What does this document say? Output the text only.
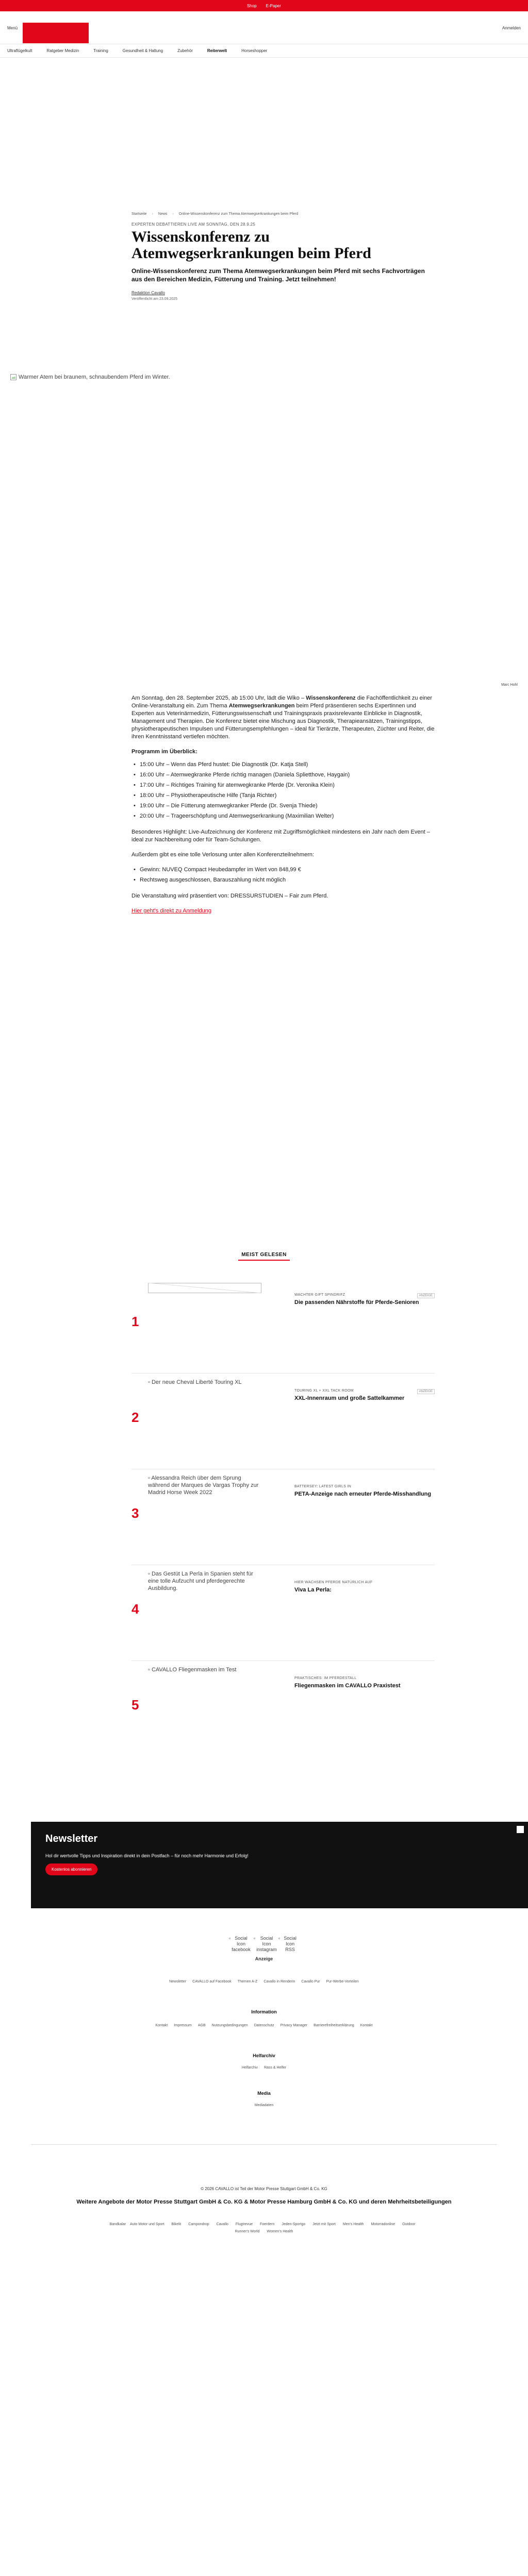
Shop E-Paper
Menü	Anmelden
Ultraflügelkult	Ratgeber Medizin	Training	Gesundheit & Haltung	Zubehör	Reiterwelt	Horseshopper
Startseite › News › Online-Wissenskonferenz zum Thema Atemwegserkrankungen beim Pferd
EXPERTEN DEBATTIEREN LIVE AM SONNTAG, DEN 28.9.25
Wissenskonferenz zu Atemwegserkrankungen beim Pferd
Online-Wissenskonferenz zum Thema Atemwegserkrankungen beim Pferd mit sechs Fachvorträgen aus den Bereichen Medizin, Fütterung und Training. Jetzt teilnehmen!
Redaktion Cavallo
Veröffentlicht am 23.09.2025
Warmer Atem bei braunem, schnaubendem Pferd im Winter.
Marc Hohl

Am Sonntag, den 28. September 2025, ab 15:00 Uhr, lädt die Wiko – Wissenskonferenz die Fachöffentlichkeit zu einer Online-Veranstaltung ein. Zum Thema Atemwegserkrankungen beim Pferd präsentieren sechs Expertinnen und Experten aus Veterinärmedizin, Fütterungswissenschaft und Trainingspraxis praxisrelevante Einblicke in Diagnostik, Management und Therapien. Die Konferenz bietet eine Mischung aus Diagnostik, Therapieansätzen, Trainingstipps, physiotherapeutischen Impulsen und Fütterungsempfehlungen – ideal für Tierärzte, Therapeuten, Züchter und Reiter, die ihren Kenntnisstand vertiefen möchten.

Programm im Überblick:

• 15:00 Uhr – Wenn das Pferd hustet: Die Diagnostik (Dr. Katja Stell)
• 16:00 Uhr – Atemwegkranke Pferde richtig managen (Daniela Splietthove, Haygain)
• 17:00 Uhr – Richtiges Training für atemwegkranke Pferde (Dr. Veronika Klein)
• 18:00 Uhr – Physiotherapeutische Hilfe (Tanja Richter)
• 19:00 Uhr – Die Fütterung atemwegkranker Pferde (Dr. Svenja Thiede)
• 20:00 Uhr – Trageerschöpfung und Atemwegserkrankung (Maximilian Welter)

Besonderes Highlight: Live-Aufzeichnung der Konferenz mit Zugriffsmöglichkeit mindestens ein Jahr nach dem Event – ideal zur Nachbereitung oder für Team-Schulungen.

Außerdem gibt es eine tolle Verlosung unter allen Konferenzteilnehmern:

• Gewinn: NUVEQ Compact Heubedampfer im Wert von 848,99 €
• Rechtsweg ausgeschlossen, Barauszahlung nicht möglich

Die Veranstaltung wird präsentiert von: DRESSURSTUDIEN – Fair zum Pferd.

Hier geht's direkt zu Anmeldung

MEIST GELESEN
1
ANZEIGE
WACHTER GIFT SPINDRIFZ
Die passenden Nährstoffe für Pferde-Senioren
2
▫ Der neue Cheval Liberté Touring XL
ANZEIGE
TOURING XL + XXL TACK ROOM
XXL-Innenraum und große Sattelkammer
3
▫ Alessandra Reich über dem Sprung während der Marques de Vargas Trophy zur Madrid Horse Week 2022
BATTERSEY: LATEST GIRLS IN
PETA-Anzeige nach erneuter Pferde-Misshandlung
4
▫ Das Gestüt La Perla in Spanien steht für eine tolle Aufzucht und pferdegerechte Ausbildung.
HIER WACHSEN PFERDE NATÜRLICH AUF
Viva La Perla:
5
▫ CAVALLO Fliegenmasken im Test
PRAKTISCHES: IM PFERDESTALL
Fliegenmasken im CAVALLO Praxistest
Newsletter
Hol dir wertvolle Tipps und Inspiration direkt in dein Postfach – für noch mehr Harmonie und Erfolg!
Kostenlos abonnieren
▫ Social Icon facebook
▫	Social Icon instagram
▫ Social Icon RSS
Anzeige
Newsletter CAVALLO auf Facebook Themen A-Z Cavallo in Renderin Cavallo Pur Pur-Werbe-Vorteilen
Information
Kontakt Impressum AGB Nutzungsbedingungen Datenschutz Privacy Manager Barrierefreiheitserklärung Kontakt
Helfarchiv
Helfarchiv Rass & Helfer
Media
Mediadaten
© 2026 CAVALLO ist Teil der Motor Presse Stuttgart GmbH & Co. KG
Weitere Angebote der Motor Presse Stuttgart GmbH & Co. KG & Motor Presse Hamburg GmbH & Co. KG und deren Mehrheitsbeteiligungen
Bandkalar Auto Motor und Sport Bikelit Campondrop Cavallo Flugtrevue Foerdern Jeden-Sportgo Jetzt mit Sport Men's Health Motorradonline Outdoor
Runner's World Women's Health
